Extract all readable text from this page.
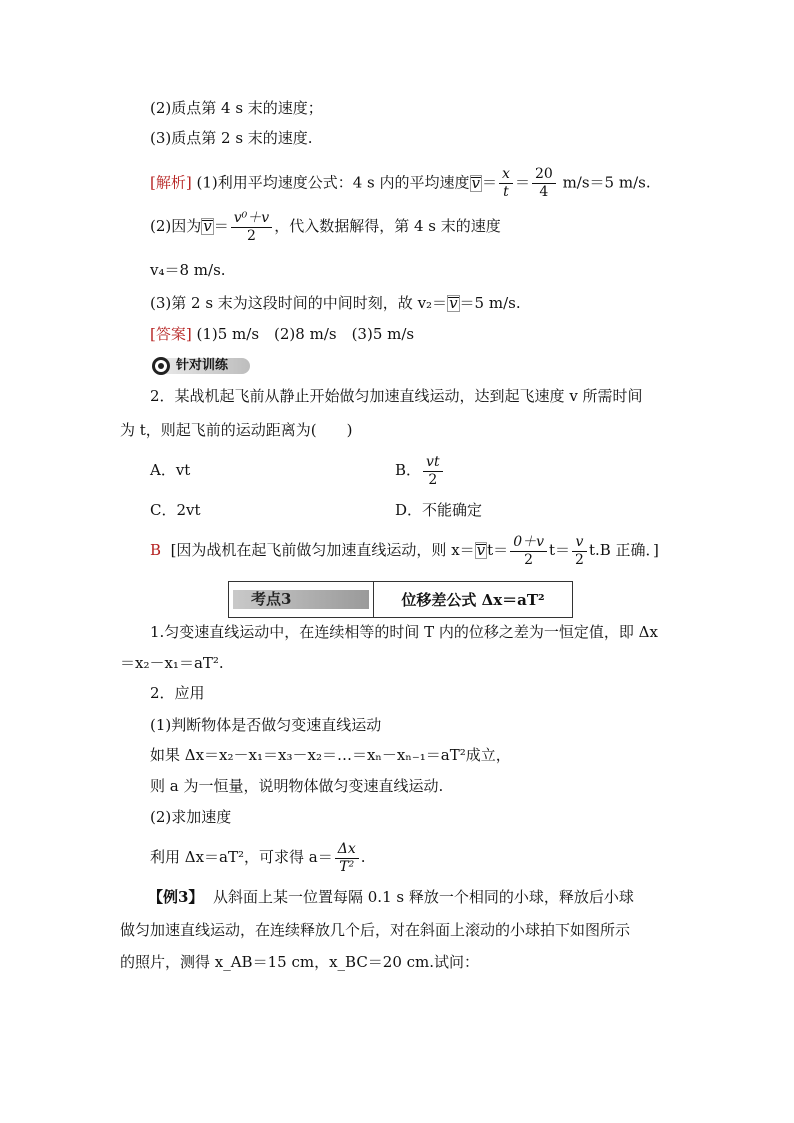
(2)质点第 4 s 末的速度；
(3)质点第 2 s 末的速度.
[解析] (1)利用平均速度公式：4 s 内的平均速度 $v = \frac{x}{t} = \frac{20}{4} m/s=5$ m/s.
(2)因为 $v = \frac{\text{v⁰＋v}}{2}$ ，代入数据解得，第 4 s 末的速度
v₄＝8 m/s.
(3)第 2 s 末为这段时间的中间时刻，故 v₂＝ v ＝5 m/s.
[答案] (1)5 m/s　(2)8 m/s　(3)5 m/s
针对训练
2．某战机起飞前从静止开始做匀加速直线运动，达到起飞速度 v 所需时间
为 t，则起飞前的运动距离为(　　)
A．vt	B． $\frac{vt}{2}$
C．2vt	D．不能确定
B [因为战机在起飞前做匀加速直线运动，则 x＝ v $t= \frac{0+v}{2} t= \frac{v}{2} t.B$ 正确．]
考点3	位移差公式 Δx＝aT²
1.匀变速直线运动中，在连续相等的时间 T 内的位移之差为一恒定值，即 Δx
＝x₂－x₁＝aT².
2．应用
(1)判断物体是否做匀变速直线运动
如果 Δx＝x₂－x₁＝x₃－x₂＝…＝xₙ－xₙ₋₁＝aT²成立，
则 a 为一恒量，说明物体做匀变速直线运动.
(2)求加速度
利用 Δx＝aT²，可求得 $a= \frac{\Delta x}{\text{T²}}$ .
【例3】 从斜面上某一位置每隔 0.1 s 释放一个相同的小球，释放后小球
做匀加速直线运动，在连续释放几个后，对在斜面上滚动的小球拍下如图所示
的照片，测得 x_AB＝15 cm，x_BC＝20 cm.试问：
